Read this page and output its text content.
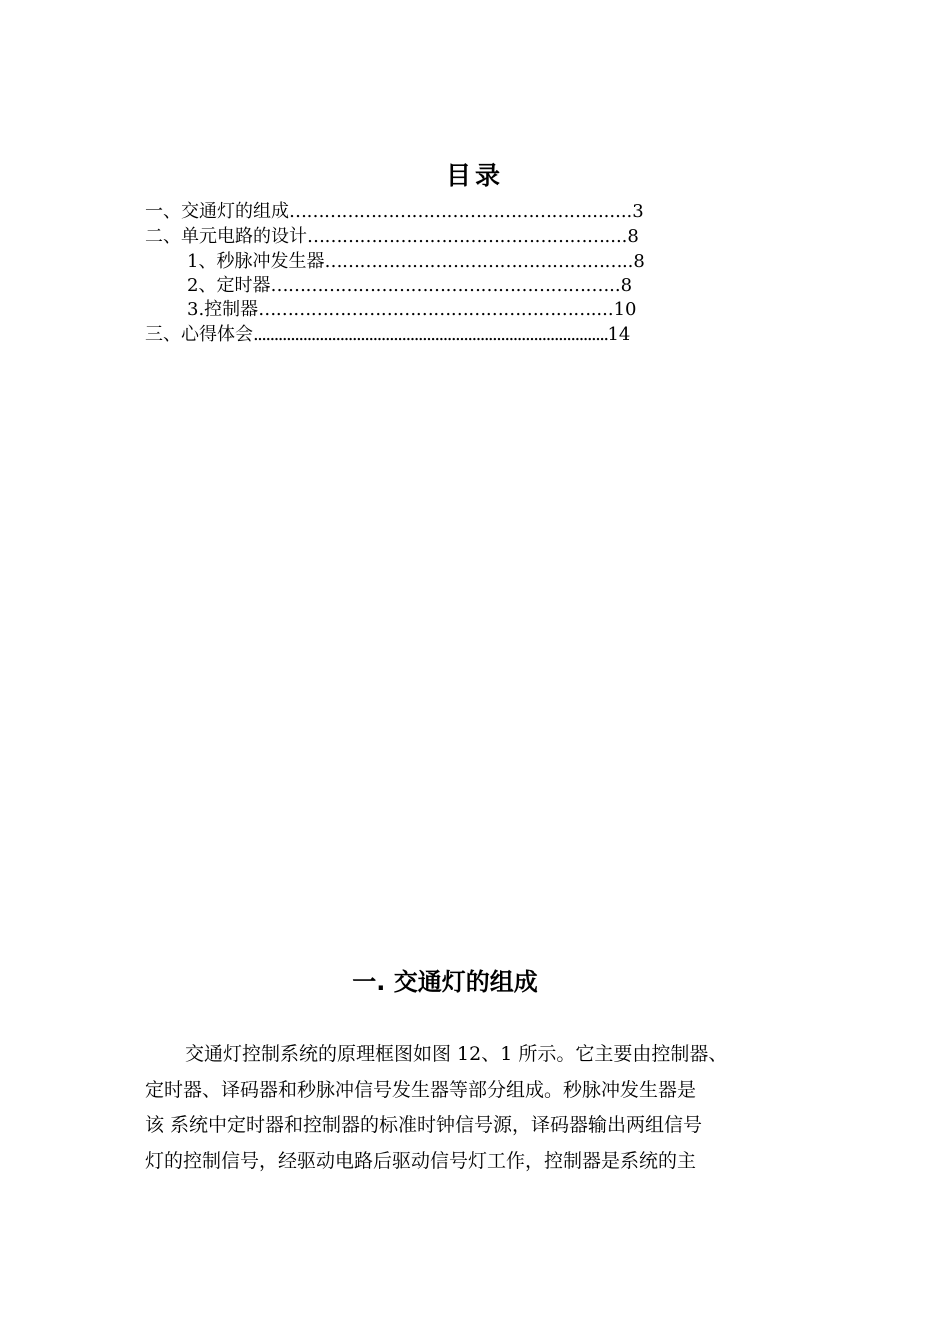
目录
一、交通灯的组成……………………………………………........3
二、单元电路的设计……………………………………………....8
1、秒脉冲发生器……………………………………………..8
2、定时器…………………………………………………...8
3.控制器…………………………………………………....10
三、心得体会......................................................................................14
一. 交通灯的组成
交通灯控制系统的原理框图如图 12、1 所示。它主要由控制器、
定时器、译码器和秒脉冲信号发生器等部分组成。秒脉冲发生器是
该 系统中定时器和控制器的标准时钟信号源，译码器输出两组信号
灯的控制信号，经驱动电路后驱动信号灯工作，控制器是系统的主
